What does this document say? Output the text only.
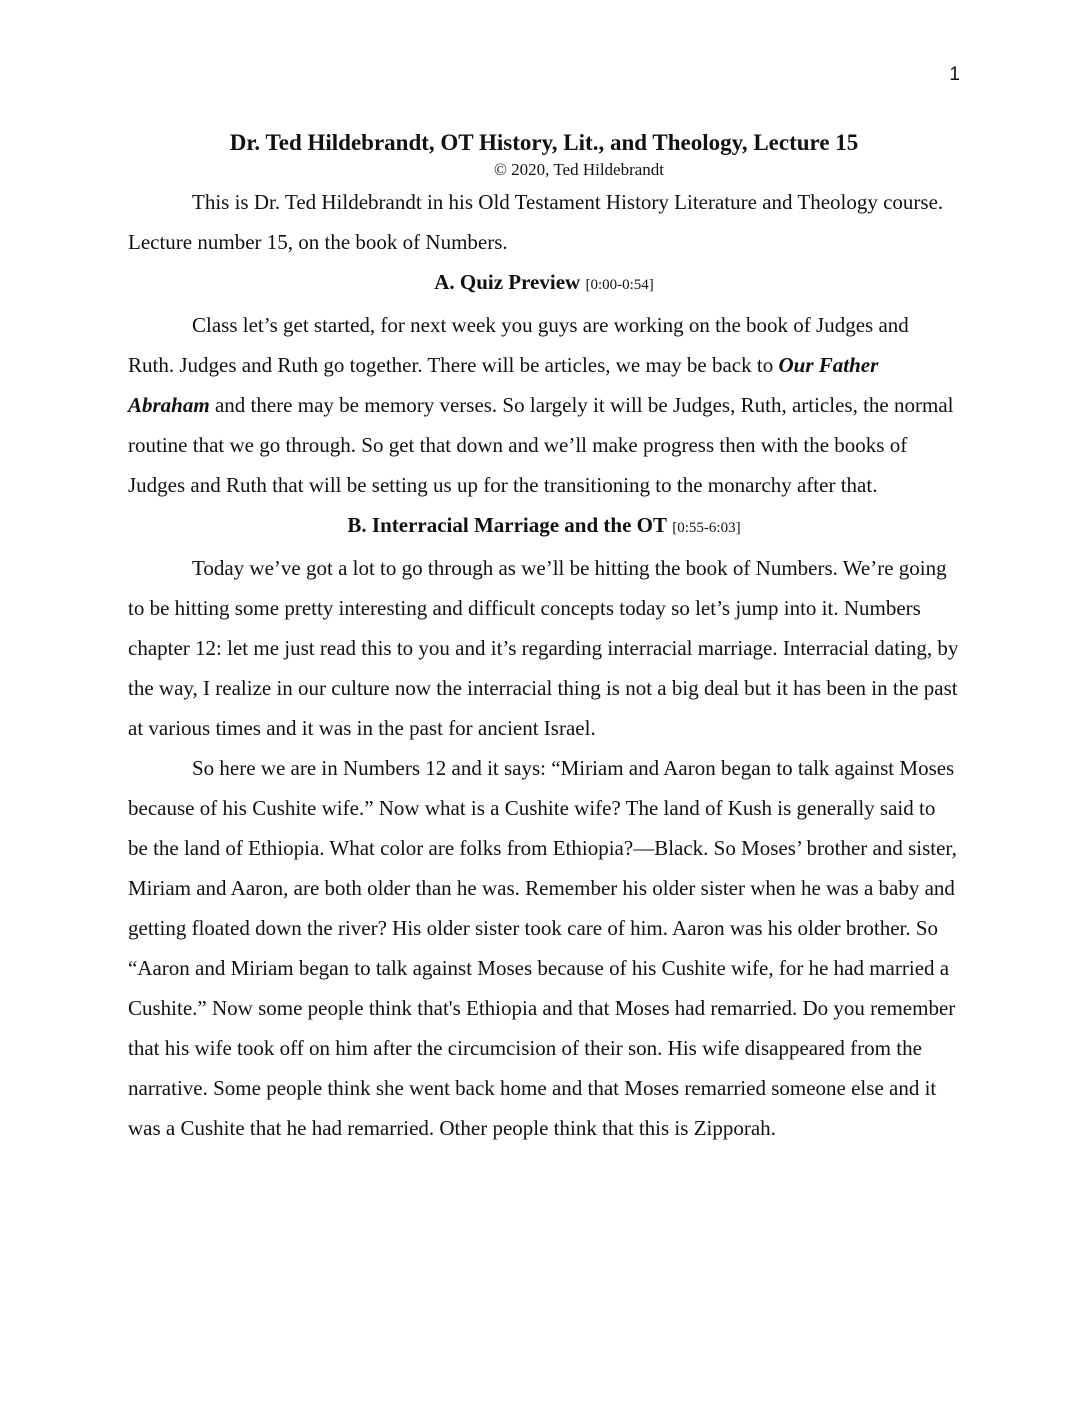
1
Dr. Ted Hildebrandt, OT History, Lit., and Theology, Lecture 15
© 2020, Ted Hildebrandt

This is Dr. Ted Hildebrandt in his Old Testament History Literature and Theology course. Lecture number 15, on the book of Numbers.

A. Quiz Preview [0:00-0:54]

Class let’s get started, for next week you guys are working on the book of Judges and Ruth. Judges and Ruth go together. There will be articles, we may be back to Our Father Abraham and there may be memory verses. So largely it will be Judges, Ruth, articles, the normal routine that we go through. So get that down and we’ll make progress then with the books of Judges and Ruth that will be setting us up for the transitioning to the monarchy after that.

B. Interracial Marriage and the OT [0:55-6:03]

Today we’ve got a lot to go through as we’ll be hitting the book of Numbers. We’re going to be hitting some pretty interesting and difficult concepts today so let’s jump into it. Numbers chapter 12: let me just read this to you and it’s regarding interracial marriage. Interracial dating, by the way, I realize in our culture now the interracial thing is not a big deal but it has been in the past at various times and it was in the past for ancient Israel.

So here we are in Numbers 12 and it says: “Miriam and Aaron began to talk against Moses because of his Cushite wife.” Now what is a Cushite wife? The land of Kush is generally said to be the land of Ethiopia. What color are folks from Ethiopia?—Black. So Moses’ brother and sister, Miriam and Aaron, are both older than he was. Remember his older sister when he was a baby and getting floated down the river? His older sister took care of him. Aaron was his older brother. So “Aaron and Miriam began to talk against Moses because of his Cushite wife, for he had married a Cushite.” Now some people think that's Ethiopia and that Moses had remarried. Do you remember that his wife took off on him after the circumcision of their son. His wife disappeared from the narrative. Some people think she went back home and that Moses remarried someone else and it was a Cushite that he had remarried. Other people think that this is Zipporah.
